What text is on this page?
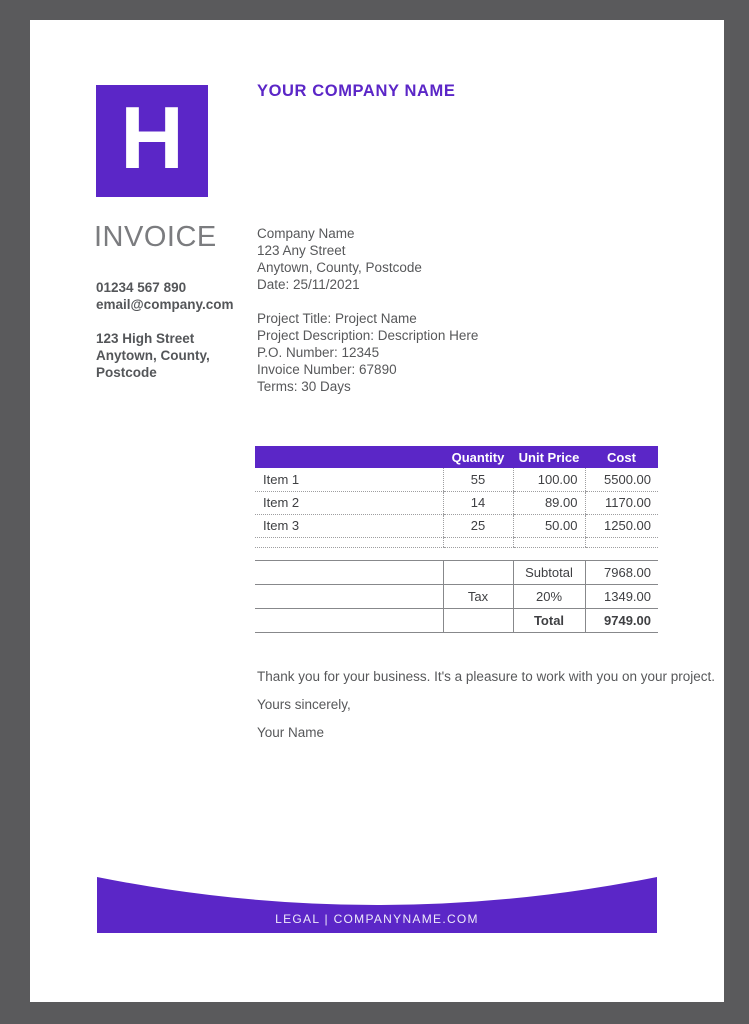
H	YOUR COMPANY NAME
INVOICE
01234 567 890
email@company.com
123 High Street
Anytown, County,
Postcode
Company Name
123 Any Street
Anytown, County, Postcode
Date: 25/11/2021
Project Title: Project Name
Project Description: Description Here
P.O. Number: 12345
Invoice Number: 67890
Terms: 30 Days
	Quantity	Unit Price	Cost
Item 1	55	100.00	5500.00
Item 2	14	89.00	1170.00
Item 3	25	50.00	1250.00

		Subtotal	7968.00
	Tax	20%	1349.00
		Total	9749.00
Thank you for your business. It's a pleasure to work with you on your project.
Yours sincerely,
Your Name
LEGAL | COMPANYNAME.COM
